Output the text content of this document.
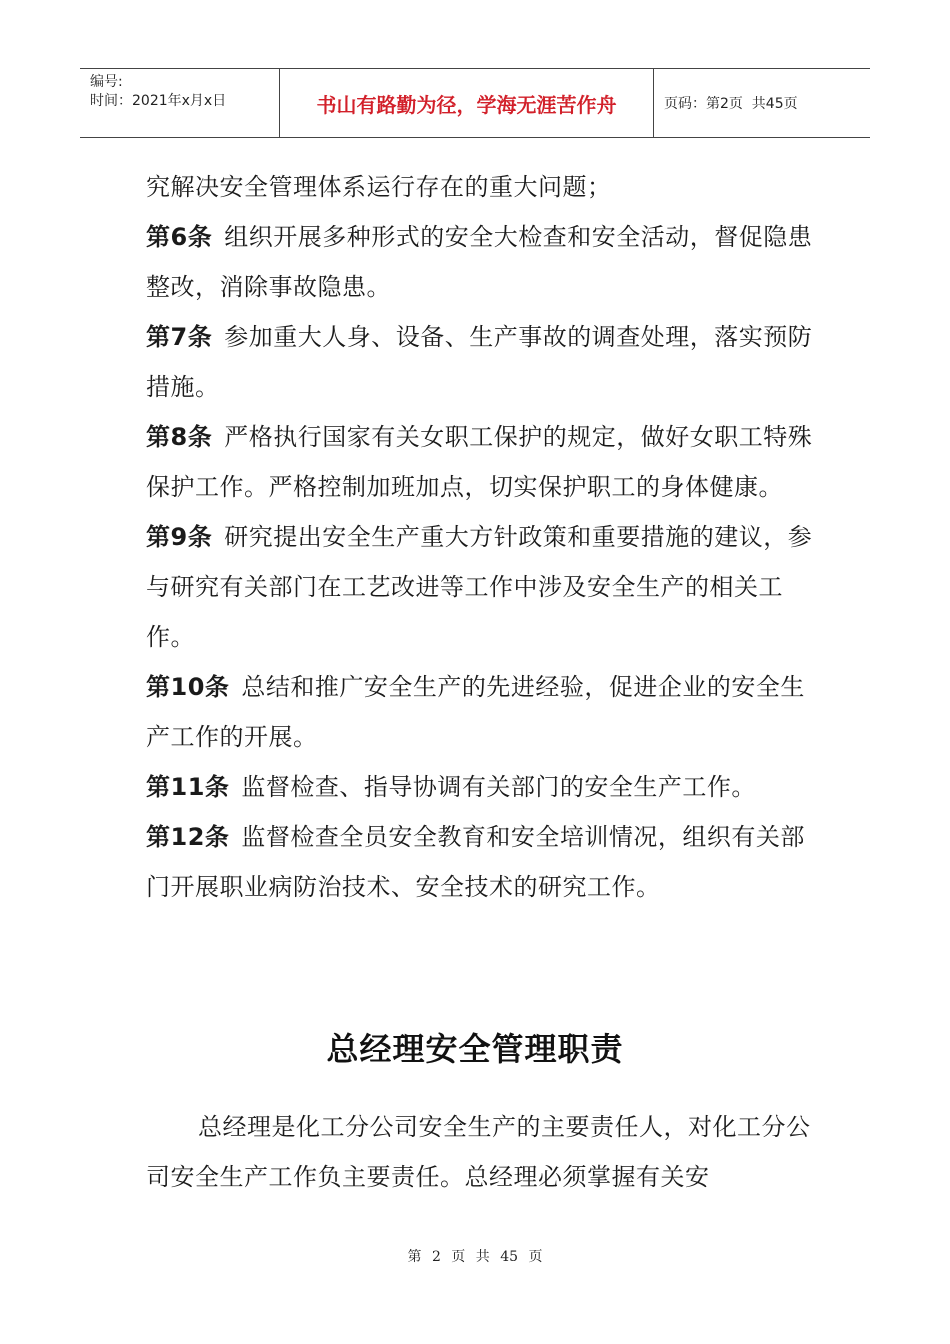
编号:
时间：2021年x月x日	书山有路勤为径，学海无涯苦作舟	页码：第2页  共45页

究解决安全管理体系运行存在的重大问题；

第6条 组织开展多种形式的安全大检查和安全活动，督促隐患整改，消除事故隐患。

第7条 参加重大人身、设备、生产事故的调查处理，落实预防措施。

第8条 严格执行国家有关女职工保护的规定，做好女职工特殊保护工作。严格控制加班加点，切实保护职工的身体健康。

第9条 研究提出安全生产重大方针政策和重要措施的建议，参与研究有关部门在工艺改进等工作中涉及安全生产的相关工作。

第10条 总结和推广安全生产的先进经验，促进企业的安全生产工作的开展。

第11条 监督检查、指导协调有关部门的安全生产工作。

第12条 监督检查全员安全教育和安全培训情况，组织有关部门开展职业病防治技术、安全技术的研究工作。

总经理安全管理职责

总经理是化工分公司安全生产的主要责任人，对化工分公司安全生产工作负主要责任。总经理必须掌握有关安

第 2 页 共 45 页
